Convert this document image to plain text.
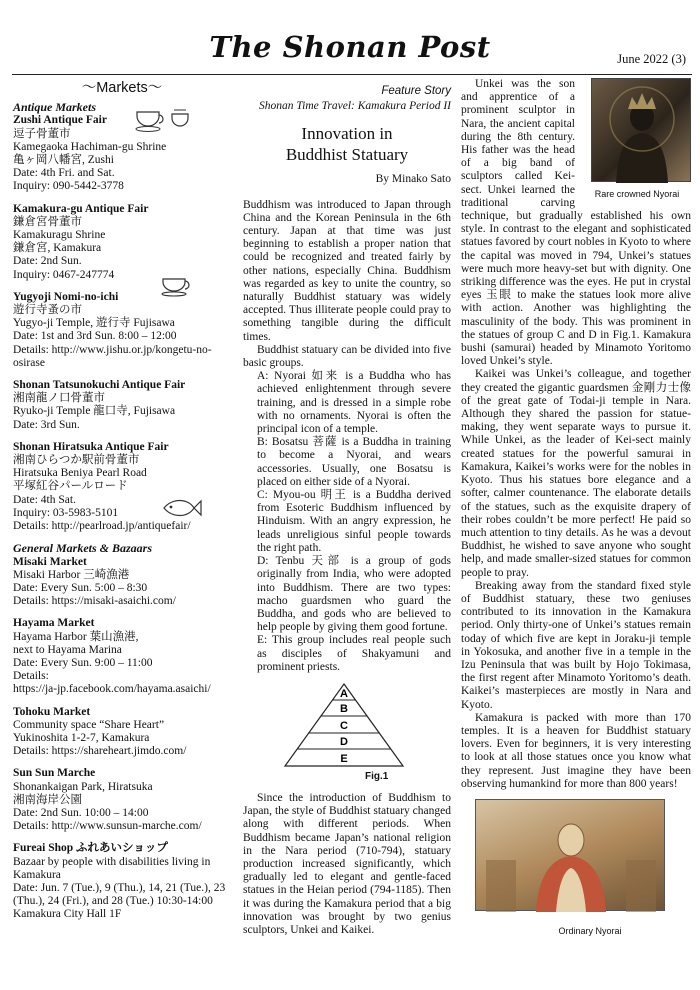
The Shonan Post	June 2022 (3)
〜Markets〜
Antique Markets
Zushi Antique Fair
逗子骨董市
Kamegaoka Hachiman-gu Shrine
亀ヶ岡八幡宮, Zushi
Date: 4th Fri. and Sat.
Inquiry: 090-5442-3778
Kamakura-gu Antique Fair
鎌倉宮骨董市
Kamakuragu Shrine
鎌倉宮, Kamakura
Date: 2nd Sun.
Inquiry: 0467-247774
Yugyoji Nomi-no-ichi
遊行寺蚤の市
Yugyo-ji Temple, 遊行寺 Fujisawa
Date: 1st and 3rd Sun. 8:00 – 12:00
Details: http://www.jishu.or.jp/kongetu-no-osirase
Shonan Tatsunokuchi Antique Fair
湘南龍ノ口骨董市
Ryuko-ji Temple 龍口寺, Fujisawa
Date: 3rd Sun.
Shonan Hiratsuka Antique Fair
湘南ひらつか駅前骨董市
Hiratsuka Beniya Pearl Road
平塚紅谷パールロード
Date: 4th Sat.
Inquiry: 03-5983-5101
Details: http://pearlroad.jp/antiquefair/
General Markets & Bazaars
Misaki Market
Misaki Harbor 三崎漁港
Date: Every Sun. 5:00 – 8:30
Details: https://misaki-asaichi.com/
Hayama Market
Hayama Harbor 葉山漁港,
next to Hayama Marina
Date: Every Sun. 9:00 – 11:00
Details:
https://ja-jp.facebook.com/hayama.asaichi/
Tohoku Market
Community space “Share Heart”
Yukinoshita 1-2-7, Kamakura
Details: https://shareheart.jimdo.com/
Sun Sun Marche
Shonankaigan Park, Hiratsuka
湘南海岸公園
Date: 2nd Sun. 10:00 – 14:00
Details: http://www.sunsun-marche.com/
Fureai Shop ふれあいショップ
Bazaar by people with disabilities living in Kamakura
Date: Jun. 7 (Tue.), 9 (Thu.), 14, 21 (Tue.), 23 (Thu.), 24 (Fri.), and 28 (Tue.) 10:30-14:00
Kamakura City Hall 1F
Feature Story
Shonan Time Travel: Kamakura Period II
Innovation in
Buddhist Statuary
By Minako Sato

Buddhism was introduced to Japan through China and the Korean Peninsula in the 6th century. Japan at that time was just beginning to establish a proper nation that could be recognized and treated fairly by other nations, especially China. Buddhism was regarded as key to unite the country, so naturally Buddhist statuary was widely accepted. Thus illiterate people could pray to something tangible during the difficult times.

Buddhist statuary can be divided into five basic groups.

A: Nyorai 如来 is a Buddha who has achieved enlightenment through severe training, and is dressed in a simple robe with no ornaments. Nyorai is often the principal icon of a temple.
B: Bosatsu 菩薩 is a Buddha in training to become a Nyorai, and wears accessories. Usually, one Bosatsu is placed on either side of a Nyorai.
C: Myou-ou 明王 is a Buddha derived from Esoteric Buddhism influenced by Hinduism. With an angry expression, he leads unreligious sinful people towards the right path.
D: Tenbu 天部 is a group of gods originally from India, who were adopted into Buddhism. There are two types: macho guardsmen who guard the Buddha, and gods who are believed to help people by giving them good fortune.
E: This group includes real people such as disciples of Shakyamuni and prominent priests.
A
B
C
D
E
Fig.1

Since the introduction of Buddhism to Japan, the style of Buddhist statuary changed along with different periods. When Buddhism became Japan’s national religion in the Nara period (710-794), statuary production increased significantly, which gradually led to elegant and gentle-faced statues in the Heian period (794-1185). Then it was during the Kamakura period that a big innovation was brought by two genius sculptors, Unkei and Kaikei.

Rare crowned Nyorai

Unkei was the son and apprentice of a prominent sculptor in Nara, the ancient capital during the 8th century. His father was the head of a big band of sculptors called Kei-sect. Unkei learned the traditional carving technique, but gradually established his own style. In contrast to the elegant and sophisticated statues favored by court nobles in Kyoto to where the capital was moved in 794, Unkei’s statues were much more heavy-set but with dignity. One striking difference was the eyes. He put in crystal eyes 玉眼 to make the statues look more alive with action. Another was highlighting the masculinity of the body. This was prominent in the statues of group C and D in Fig.1. Kamakura bushi (samurai) headed by Minamoto Yoritomo loved Unkei’s style.

Kaikei was Unkei’s colleague, and together they created the gigantic guardsmen 金剛力士像 of the great gate of Todai-ji temple in Nara. Although they shared the passion for statue-making, they went separate ways to pursue it. While Unkei, as the leader of Kei-sect mainly created statues for the powerful samurai in Kamakura, Kaikei’s works were for the nobles in Kyoto. Thus his statues bore elegance and a softer, calmer countenance. The elaborate details of the statues, such as the exquisite drapery of their robes couldn’t be more perfect! He paid so much attention to tiny details. As he was a devout Buddhist, he wished to save anyone who sought help, and made smaller-sized statues for common people to pray.

Breaking away from the standard fixed style of Buddhist statuary, these two geniuses contributed to its innovation in the Kamakura period. Only thirty-one of Unkei’s statues remain today of which five are kept in Joraku-ji temple in Yokosuka, and another five in a temple in the Izu Peninsula that was built by Hojo Tokimasa, the first regent after Minamoto Yoritomo’s death. Kaikei’s masterpieces are mostly in Nara and Kyoto.

Kamakura is packed with more than 170 temples. It is a heaven for Buddhist statuary lovers. Even for beginners, it is very interesting to look at all those statues once you know what they represent. Just imagine they have been observing humankind for more than 800 years!

Ordinary Nyorai
